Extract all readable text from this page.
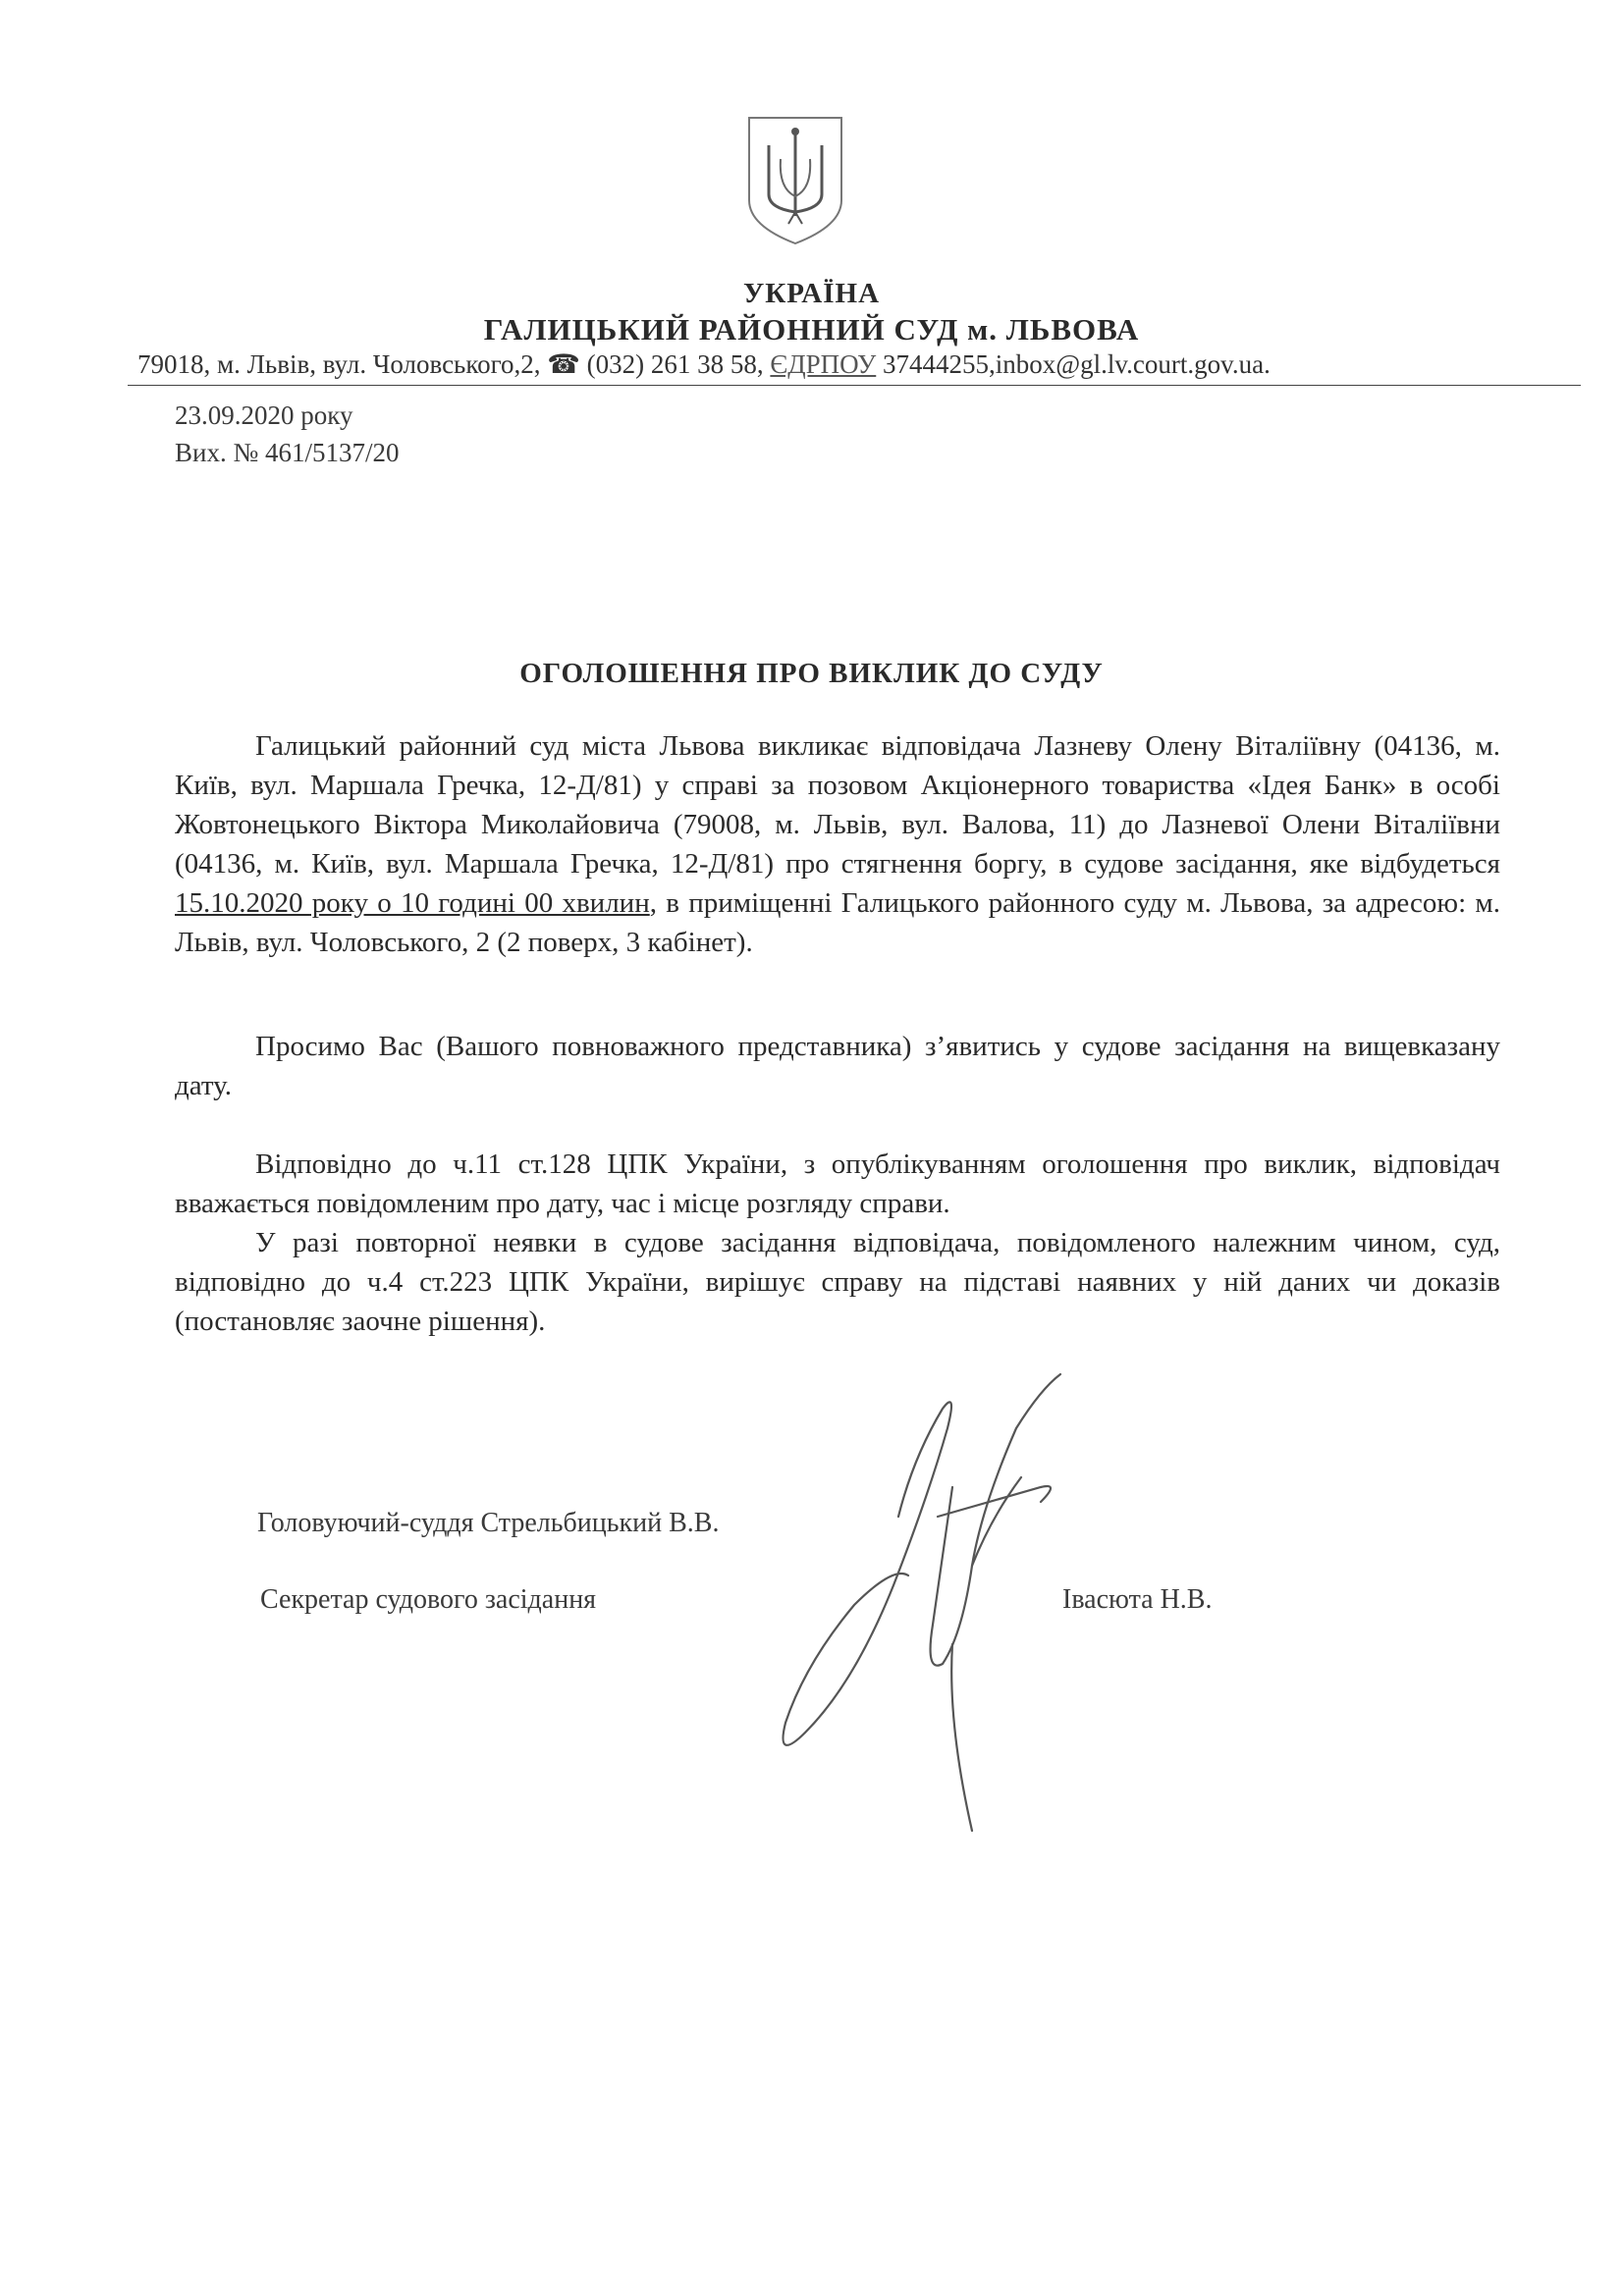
УКРАЇНА
ГАЛИЦЬКИЙ РАЙОННИЙ СУД м. ЛЬВОВА
79018, м. Львів, вул. Чоловського,2, ☎ (032) 261 38 58, ЄДРПОУ 37444255,inbox@gl.lv.court.gov.ua.
23.09.2020 року
Вих. № 461/5137/20
ОГОЛОШЕННЯ ПРО ВИКЛИК ДО СУДУ

Галицький районний суд міста Львова викликає відповідача Лазневу Олену Віталіївну (04136, м. Київ, вул. Маршала Гречка, 12-Д/81) у справі за позовом Акціонерного товариства «Ідея Банк» в особі Жовтонецького Віктора Миколайовича (79008, м. Львів, вул. Валова, 11) до Лазневої Олени Віталіївни (04136, м. Київ, вул. Маршала Гречка, 12-Д/81) про стягнення боргу, в судове засідання, яке відбудеться 15.10.2020 року о 10 годині 00 хвилин, в приміщенні Галицького районного суду м. Львова, за адресою: м. Львів, вул. Чоловського, 2 (2 поверх, 3 кабінет).

Просимо Вас (Вашого повноважного представника) з’явитись у судове засідання на вищевказану дату.

Відповідно до ч.11 ст.128 ЦПК України, з опублікуванням оголошення про виклик, відповідач вважається повідомленим про дату, час і місце розгляду справи.

У разі повторної неявки в судове засідання відповідача, повідомленого належним чином, суд, відповідно до ч.4 ст.223 ЦПК України, вирішує справу на підставі наявних у ній даних чи доказів (постановляє заочне рішення).

Головуючий-суддя Стрельбицький В.В.
Секретар судового засідання	Івасюта Н.В.
